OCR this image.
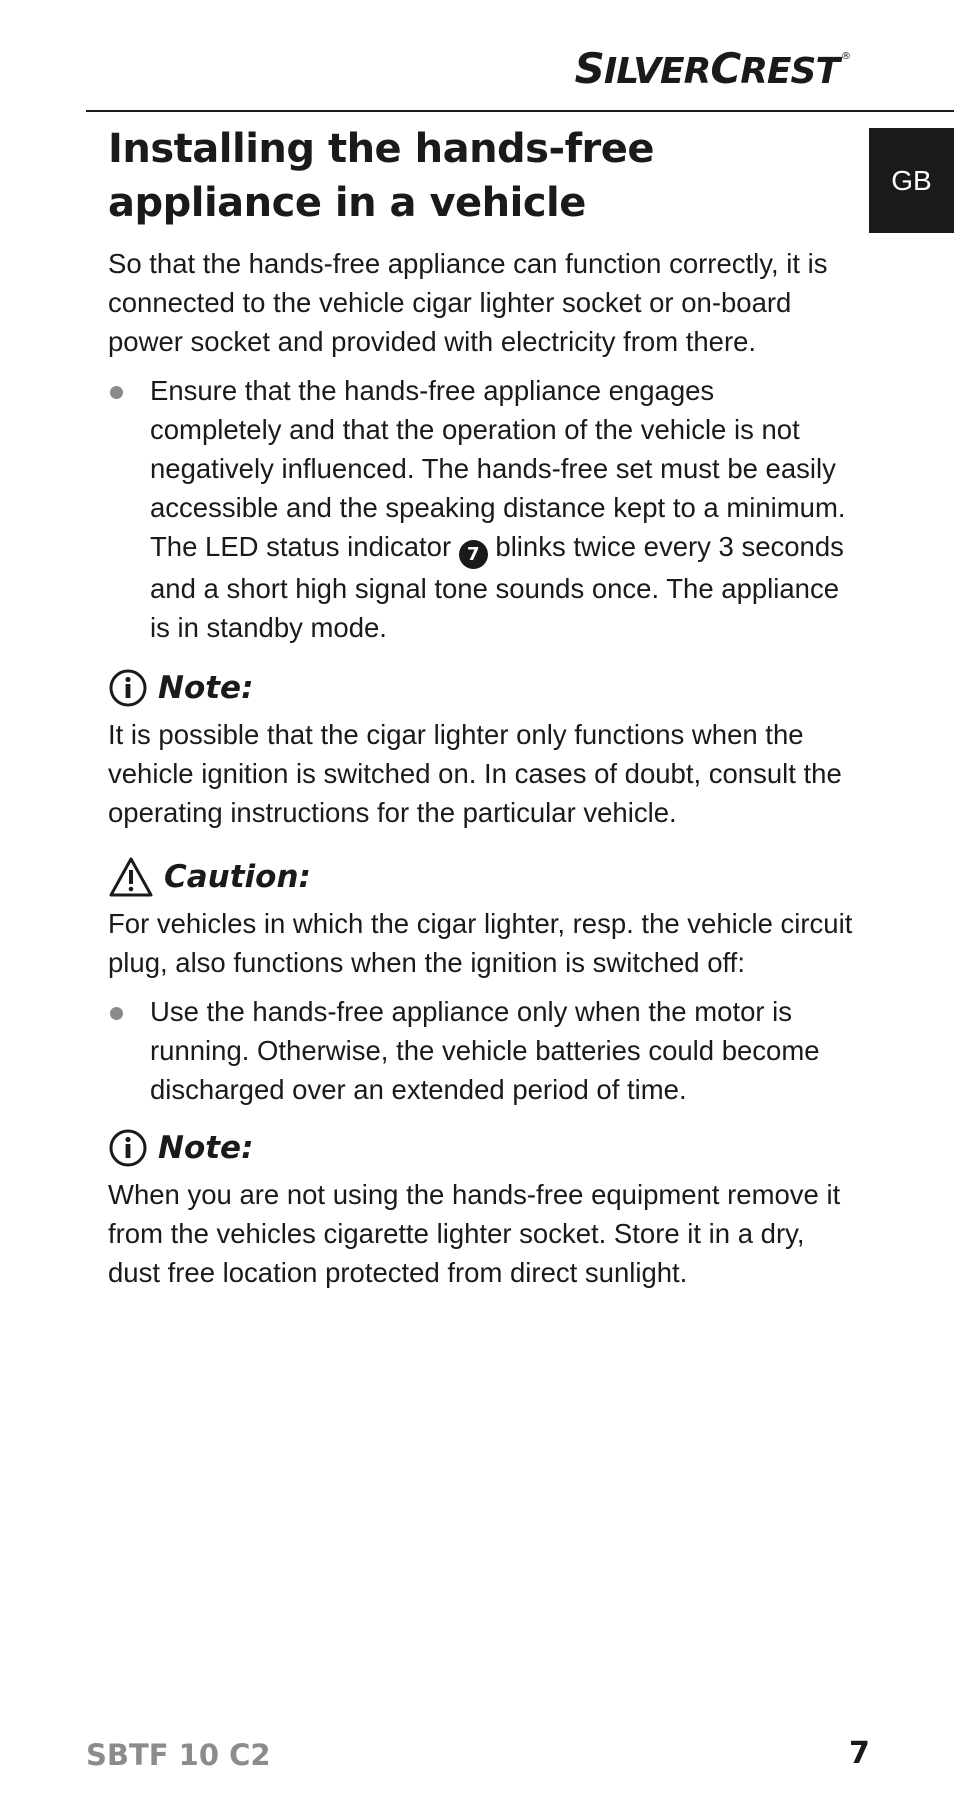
SILVERCREST ®
GB
Installing the hands-free appliance in a vehicle

So that the hands-free appliance can function correctly, it is connected to the vehicle cigar lighter socket or on-board power socket and provided with electricity from there.

Ensure that the hands-free appliance engages completely and that the operation of the vehicle is not negatively influenced. The hands-free set must be easily accessible and the speaking distance kept to a minimum. The LED status indicator 7 blinks twice every 3 seconds and a short high signal tone sounds once. The appliance is in standby mode.
Note:

It is possible that the cigar lighter only functions when the vehicle ignition is switched on. In cases of doubt, consult the operating instructions for the particular vehicle.

Caution:

For vehicles in which the cigar lighter, resp. the vehicle circuit plug, also functions when the ignition is switched off:

Use the hands-free appliance only when the motor is running. Otherwise, the vehicle batteries could become discharged over an extended period of time.
Note:

When you are not using the hands-free equipment remove it from the vehicles cigarette lighter socket. Store it in a dry, dust free location protected from direct sunlight.

SBTF 10 C2	7
